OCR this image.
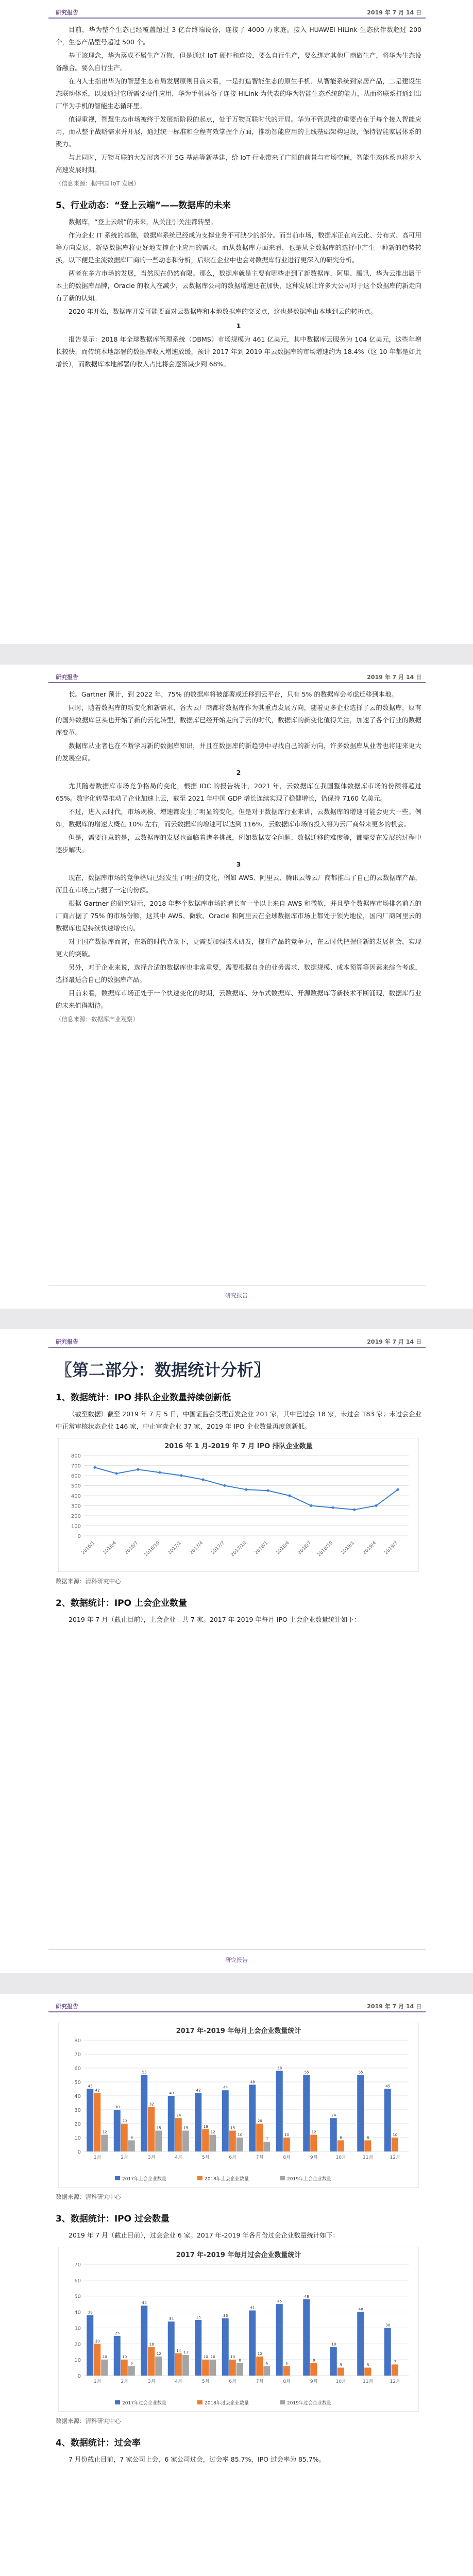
研究报告	2019 年 7 月 14 日

目前，华为整个生态已经覆盖超过 3 亿台终端设备，连接了 4000 万家庭。接入 HUAWEI HiLink 生态伙伴数超过 200 个，生态产品型号超过 500 个。

基于该理念，华为落成不属生产万物，但是通过 IoT 硬件和连接，要么自行生产，要么绑定其他厂商做生产，将华为生态设备融合。要么自行生产。

在内人士指出华为的智慧生态布局发展原则目前来看，一是打造智能生态的原生手机、从智能系统到家居产品，二是建设生态联动体系，以及通过它所需要硬件应用，华为手机具备了连接 HiLink 为代表的华为智能生态系统的能力，从而将联系打通到出厂华为手机的智能生态循环里。

值得重视，智慧生态市场被终于发展新阶段的起点，处于万物互联时代的开局。华为不管思维的重要点在于每个接入智能应用，而从整个战略需求并开展，通过统一标准和全程有效掌握个方面，推动智能应用的上线基础架构建设，保持智能家居体系的聚力。

与此同时，万物互联的大发展离不开 5G 基站等新基建，给 IoT 行业带来了广阔的前景与市场空间，智能生态体系也将步入高速发展时期。

（信息来源：据中国 IoT 发展）

5、行业动态：“登上云端”——数据库的未来

数据库，“登上云端”的未来，从关注引关注都转型。

作为企业 IT 系统的基础，数据库系统已经成为支撑业务不可缺少的部分。而当前市场，数据库正在向云化、分布式、高可用等方向发展，新型数据库将更好地支撑企业应用的需求。而从数据库方面来看，也是从全数据库的选择中产生一种新的趋势转换，以下便是主流数据库厂商的一些动态和分析，后续在企业中也会对数据库行业进行更深入的研究分析。

两者在多方市场的发展，当然现在仍然有限。那么，数据库就是主要有哪些走到了新数据库，阿里、腾讯、华为云推出属于本土的数据库品牌，Oracle 的收入在减少，云数据库公司的数据增速还在加快，这种发展让许多大公司对于这个数据库的新走向有了新的认知。

2020 年开始，数据库开发可能要面对云数据库和本地数据库的交叉点，这也是数据库由本地到云的转折点。

1

报告显示：2018 年全球数据库管理系统（DBMS）市场规模为 461 亿美元，其中数据库云服务为 104 亿美元，这些年增长较快，而传统本地部署的数据库收入增速放缓，预计 2017 年到 2019 年云数据库的市场增速约为 18.4%（这 10 年都是如此增长），而数据库本地部署的收入占比将会逐渐减少到 68%。

研究报告	2019 年 7 月 14 日

长。Gartner 预计，到 2022 年，75% 的数据库将被部署或迁移到云平台，只有 5% 的数据库会考虑迁移到本地。

同时，随着数据库的新变化和新需求，各大云厂商都将数据库作为其重点发展方向，随着更多企业选择了云的数据库，原有的国外数据库巨头也开始了新的云化转型，数据库已经开始走向了云的时代，数据库的新变化值得关注，加速了各个行业的数据库变革。

数据库从业者也在不断学习新的数据库知识，并且在数据库的新趋势中寻找自己的新方向，许多数据库从业者也将迎来更大的发展空间。

2

尤其随着数据库市场竞争格局的变化，根据 IDC 的报告统计，2021 年，云数据库在我国整体数据库市场的份额将超过 65%。数字化转型推动了企业加速上云，截至 2021 年中国 GDP 增长连续实现了稳健增长，仍保持 7160 亿美元。

不过，进入云时代，市场规模、增速都发生了明显的变化，但是对于数据库行业来讲，云数据库的增速可能会更大一些。例如，数据库的增速大概在 10% 左右，而云数据库的增速可以达到 116%，云数据库市场的投入将为云厂商带来更多的机会。

但是，需要注意的是，云数据库的发展也面临着诸多挑战，例如数据安全问题、数据迁移的难度等，都需要在发展的过程中逐步解决。

3

现在，数据库市场的竞争格局已经发生了明显的变化，例如 AWS、阿里云、腾讯云等云厂商都推出了自己的云数据库产品，而且在市场上占据了一定的份额。

根据 Gartner 的研究显示，2018 年整个数据库市场的增长有一半以上来自 AWS 和微软，并且整个数据库市场排名前五的厂商占据了 75% 的市场份额，这其中 AWS、微软、Oracle 和阿里云在全球数据库市场上都处于领先地位，国内厂商阿里云的数据库也是持续快速增长的。

对于国产数据库而言，在新的时代背景下，更需要加强技术研发，提升产品的竞争力，在云时代把握住新的发展机会，实现更大的突破。

另外，对于企业来说，选择合适的数据库也非常重要，需要根据自身的业务需求、数据规模、成本预算等因素来综合考虑，选择最适合自己的数据库产品。

目前来看，数据库市场正处于一个快速变化的时期，云数据库、分布式数据库、开源数据库等新技术不断涌现，数据库行业的未来值得期待。

（信息来源：数据库产业观察）

研究报告
研究报告	2019 年 7 月 14 日
〖第二部分：数据统计分析〗
1、数据统计：IPO 排队企业数量持续创新低

（截至数据）截至 2019 年 7 月 5 日，中国证监会受理首发企业 201 家，其中已过会 18 家，未过会 183 家；未过会企业中正常审核状态企业 146 家，中止审查企业 37 家，2019 年 IPO 企业数量再度创新低。

2016 年 1 月-2019 年 7 月 IPO 排队企业数量
0
100
200
300
400
500
600
700
800
2016/1 2016/4 2016/7 2016/10 2017/1 2017/4 2017/7 2017/10 2018/1 2018/4 2018/7 2018/10 2019/1 2019/4 2019/7

数据来源：清科研究中心

2、数据统计：IPO 上会企业数量

2019 年 7 月（截止目前），上会企业一共 7 家。2017 年-2019 年每月 IPO 上会企业数量统计如下：

研究报告
研究报告	2019 年 7 月 14 日
2017 年-2019 年每月上会企业数量统计
0
10
20
30
40
50
60
70
80
1月	2月	3月	4月	5月	6月	7月	8月	9月	10月	11月	12月
45
30
55
40
42
44
48
58
55
24
55
45
42
20
32
24
16	15
20
10
12
8	8
10
12
8
15	15
12
10
7
2017年上会企业数量	2018年上会企业数量	2019年上会企业数量

数据来源：清科研究中心

3、数据统计：IPO 过会数量

2019 年 7 月（截止目前），过会企业 6 家。2017 年-2019 年各月份过会企业数量统计如下：

2017 年-2019 年每月过会企业数量统计
0
10
20
30
40
50
60
70
1月	2月	3月	4月	5月	6月	7月	8月	9月	10月	11月	12月
38
25
44
34	35	36
41
45
48
18
40
30
20
10
18
14
10	10
12
6
8
5	5
7
10
6
12	13
10
8
6
2017年过会企业数量	2018年过会企业数量	2019年过会企业数量

数据来源：清科研究中心

4、数据统计：过会率

7 月份截止目前，7 家公司上会，6 家公司过会，过会率 85.7%，IPO 过会率为 85.7%。
